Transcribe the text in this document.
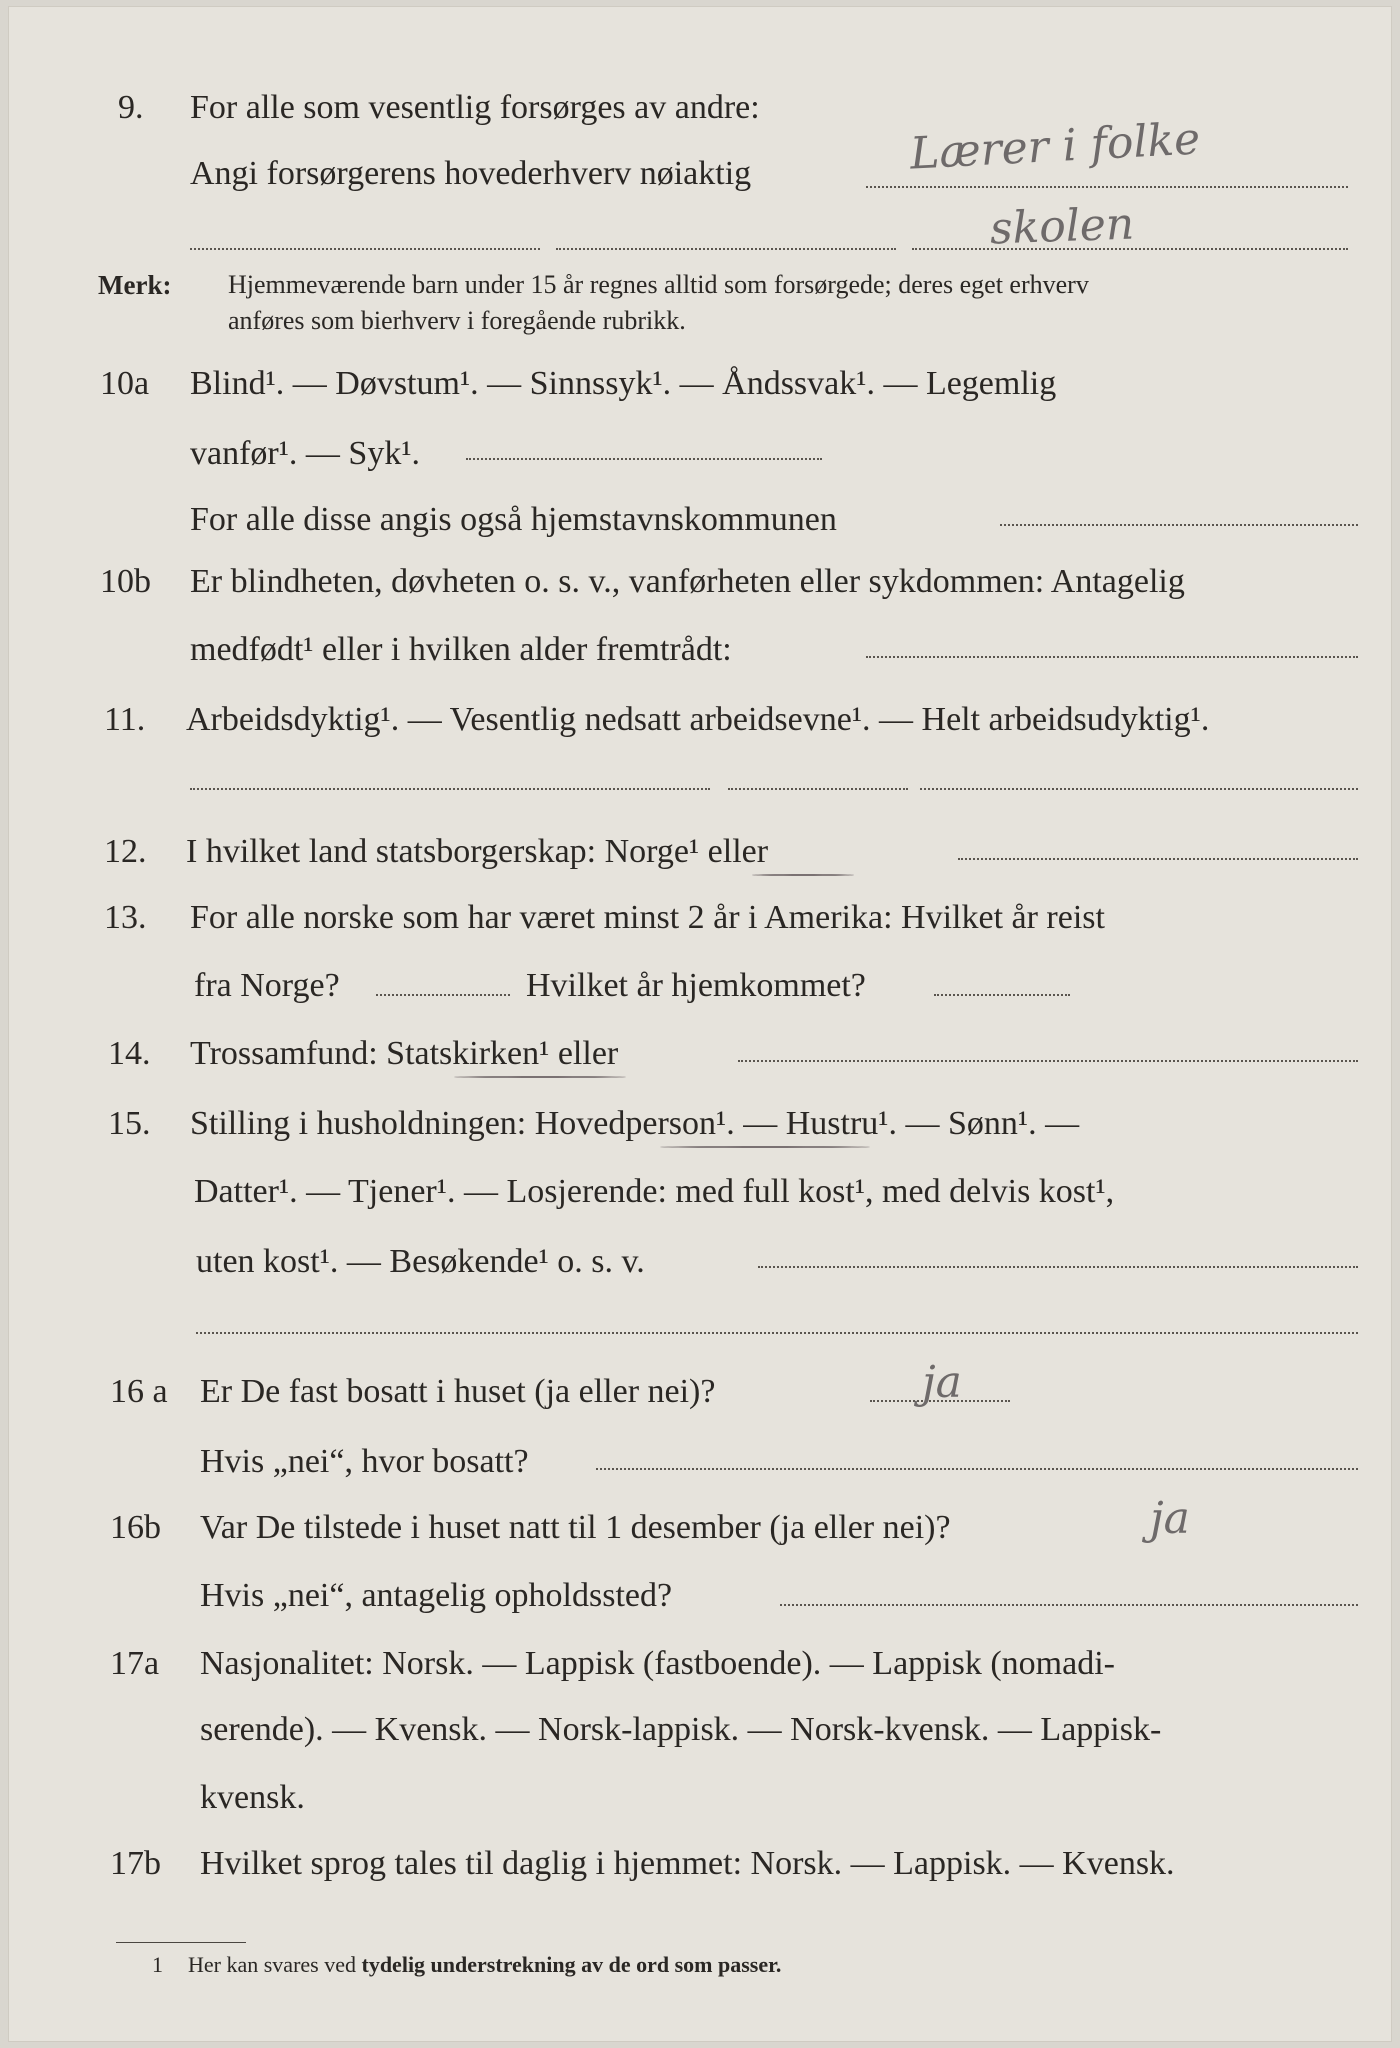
9. For alle som vesentlig forsørges av andre:
Angi forsørgerens hovederhverv nøiaktig	Lærer i folke
skolen
Merk: Hjemmeværende barn under 15 år regnes alltid som forsørgede; deres eget erhverv
anføres som bierhverv i foregående rubrikk.
10a Blind¹. — Døvstum¹. — Sinnssyk¹. — Åndssvak¹. — Legemlig
vanfør¹. — Syk¹.
For alle disse angis også hjemstavnskommunen
10b Er blindheten, døvheten o. s. v., vanførheten eller sykdommen: Antagelig
medfødt¹ eller i hvilken alder fremtrådt:
11. Arbeidsdyktig¹. — Vesentlig nedsatt arbeidsevne¹. — Helt arbeidsudyktig¹.
12. I hvilket land statsborgerskap: Norge¹ eller
13. For alle norske som har været minst 2 år i Amerika: Hvilket år reist
fra Norge?	Hvilket år hjemkommet?
14. Trossamfund: Statskirken¹ eller
15. Stilling i husholdningen: Hovedperson¹. — Hustru¹. — Sønn¹. —
Datter¹. — Tjener¹. — Losjerende: med full kost¹, med delvis kost¹,
uten kost¹. — Besøkende¹ o. s. v.
16 a Er De fast bosatt i huset (ja eller nei)?	ja
Hvis „nei“, hvor bosatt?
16b Var De tilstede i huset natt til 1 desember (ja eller nei)?	ja
Hvis „nei“, antagelig opholdssted?
17a Nasjonalitet: Norsk. — Lappisk (fastboende). — Lappisk (nomadi-
serende). — Kvensk. — Norsk-lappisk. — Norsk-kvensk. — Lappisk-
kvensk.
17b Hvilket sprog tales til daglig i hjemmet: Norsk. — Lappisk. — Kvensk.
1 Her kan svares ved tydelig understrekning av de ord som passer.
